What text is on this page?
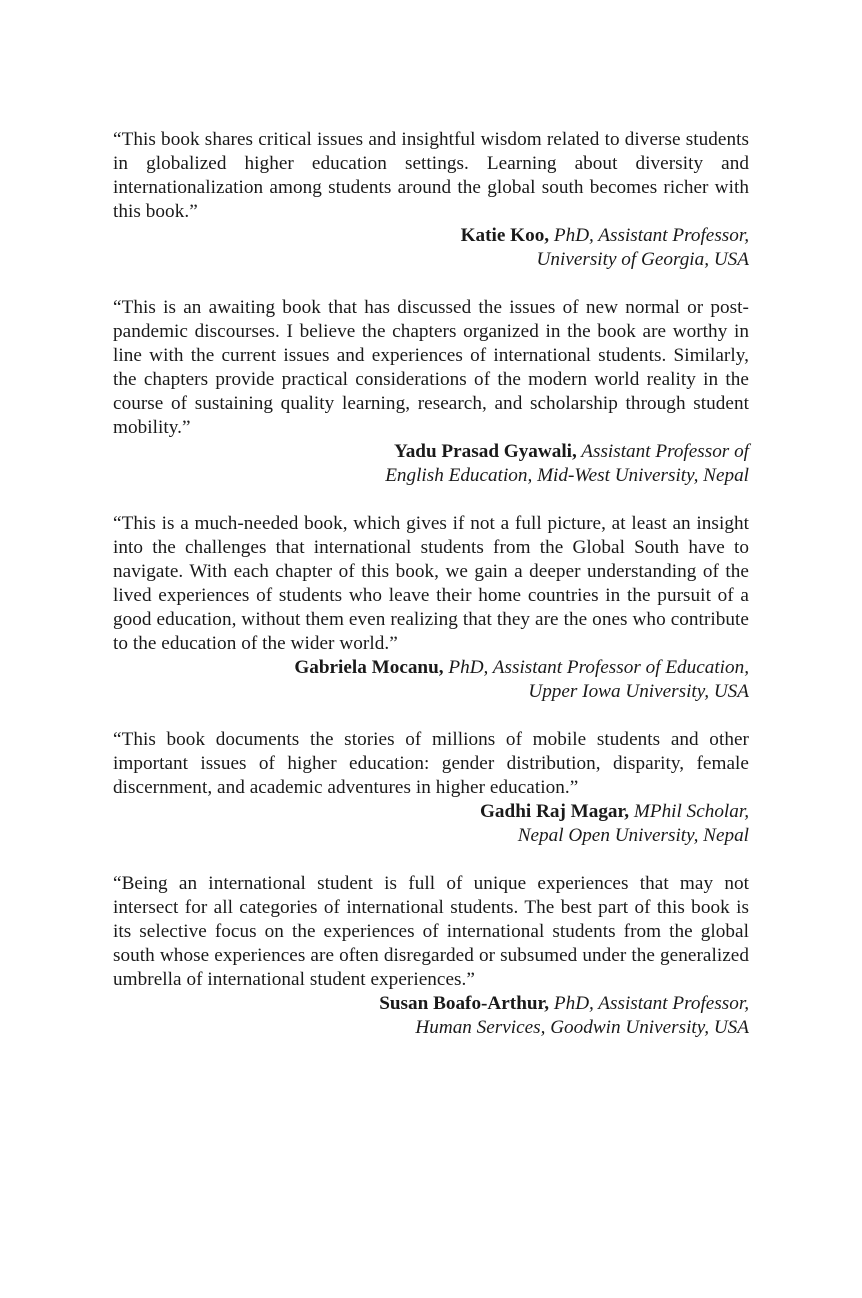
“This book shares critical issues and insightful wisdom related to diverse students in globalized higher education settings. Learning about diversity and internationalization among students around the global south becomes richer with this book.”

Katie Koo, PhD, Assistant Professor,
University of Georgia, USA

“This is an awaiting book that has discussed the issues of new normal or post-pandemic discourses. I believe the chapters organized in the book are worthy in line with the current issues and experiences of international students. Similarly, the chapters provide practical considerations of the modern world reality in the course of sustaining quality learning, research, and scholarship through student mobility.”

Yadu Prasad Gyawali, Assistant Professor of
English Education, Mid-West University, Nepal

“This is a much-needed book, which gives if not a full picture, at least an insight into the challenges that international students from the Global South have to navigate. With each chapter of this book, we gain a deeper understanding of the lived experiences of students who leave their home countries in the pursuit of a good education, without them even realizing that they are the ones who contribute to the education of the wider world.”

Gabriela Mocanu, PhD, Assistant Professor of Education,
Upper Iowa University, USA

“This book documents the stories of millions of mobile students and other important issues of higher education: gender distribution, disparity, female discernment, and academic adventures in higher education.”

Gadhi Raj Magar, MPhil Scholar,
Nepal Open University, Nepal

“Being an international student is full of unique experiences that may not intersect for all categories of international students. The best part of this book is its selective focus on the experiences of international students from the global south whose experiences are often disregarded or subsumed under the generalized umbrella of international student experiences.”

Susan Boafo-Arthur, PhD, Assistant Professor,
Human Services, Goodwin University, USA
